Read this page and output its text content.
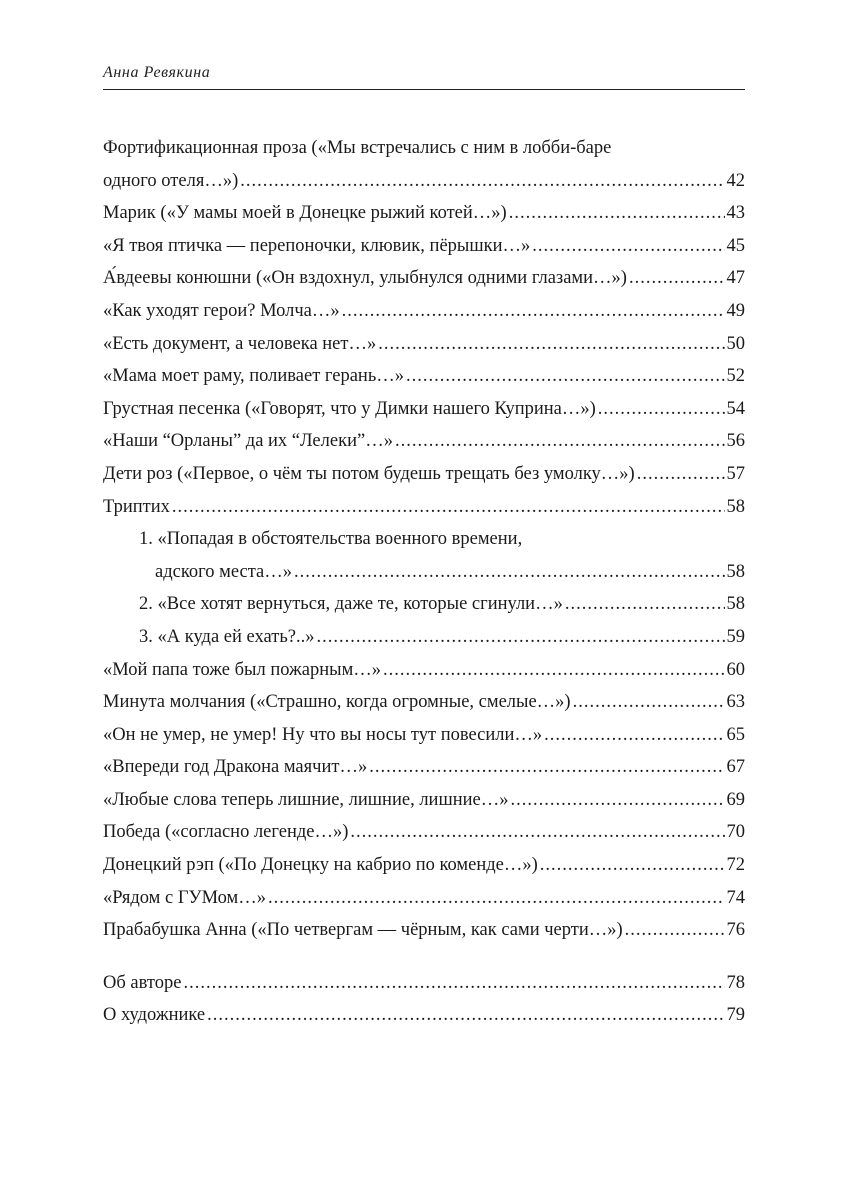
Анна Ревякина
Фортификационная проза («Мы встречались с ним в лобби-баре
одного отеля…») .....	42
Марик («У мамы моей в Донецке рыжий котей…») .....	43
«Я твоя птичка — перепоночки, клювик, пёрышки…» .....	45
А́вдеевы конюшни («Он вздохнул, улыбнулся одними глазами…») .....	47
«Как уходят герои? Молча…» .....	49
«Есть документ, а человека нет…» .....	50
«Мама моет раму, поливает герань…» .....	52
Грустная песенка («Говорят, что у Димки нашего Куприна…») .....	54
«Наши “Орланы” да их “Лелеки”…» .....	56
Дети роз («Первое, о чём ты потом будешь трещать без умолку…») .....	57
Триптих .....	58
1. «Попадая в обстоятельства военного времени,
адского места…» .....	58
2. «Все хотят вернуться, даже те, которые сгинули…» .....	58
3. «А куда ей ехать?..» .....	59
«Мой папа тоже был пожарным…» .....	60
Минута молчания («Страшно, когда огромные, смелые…») .....	63
«Он не умер, не умер! Ну что вы носы тут повесили…» .....	65
«Впереди год Дракона маячит…» .....	67
«Любые слова теперь лишние, лишние, лишние…» .....	69
Победа («согласно легенде…») .....	70
Донецкий рэп («По Донецку на кабрио по коменде…») .....	72
«Рядом с ГУМом…» .....	74
Прабабушка Анна («По четвергам — чёрным, как сами черти…») .....	76
Об авторе .....	78
О художнике .....	79
